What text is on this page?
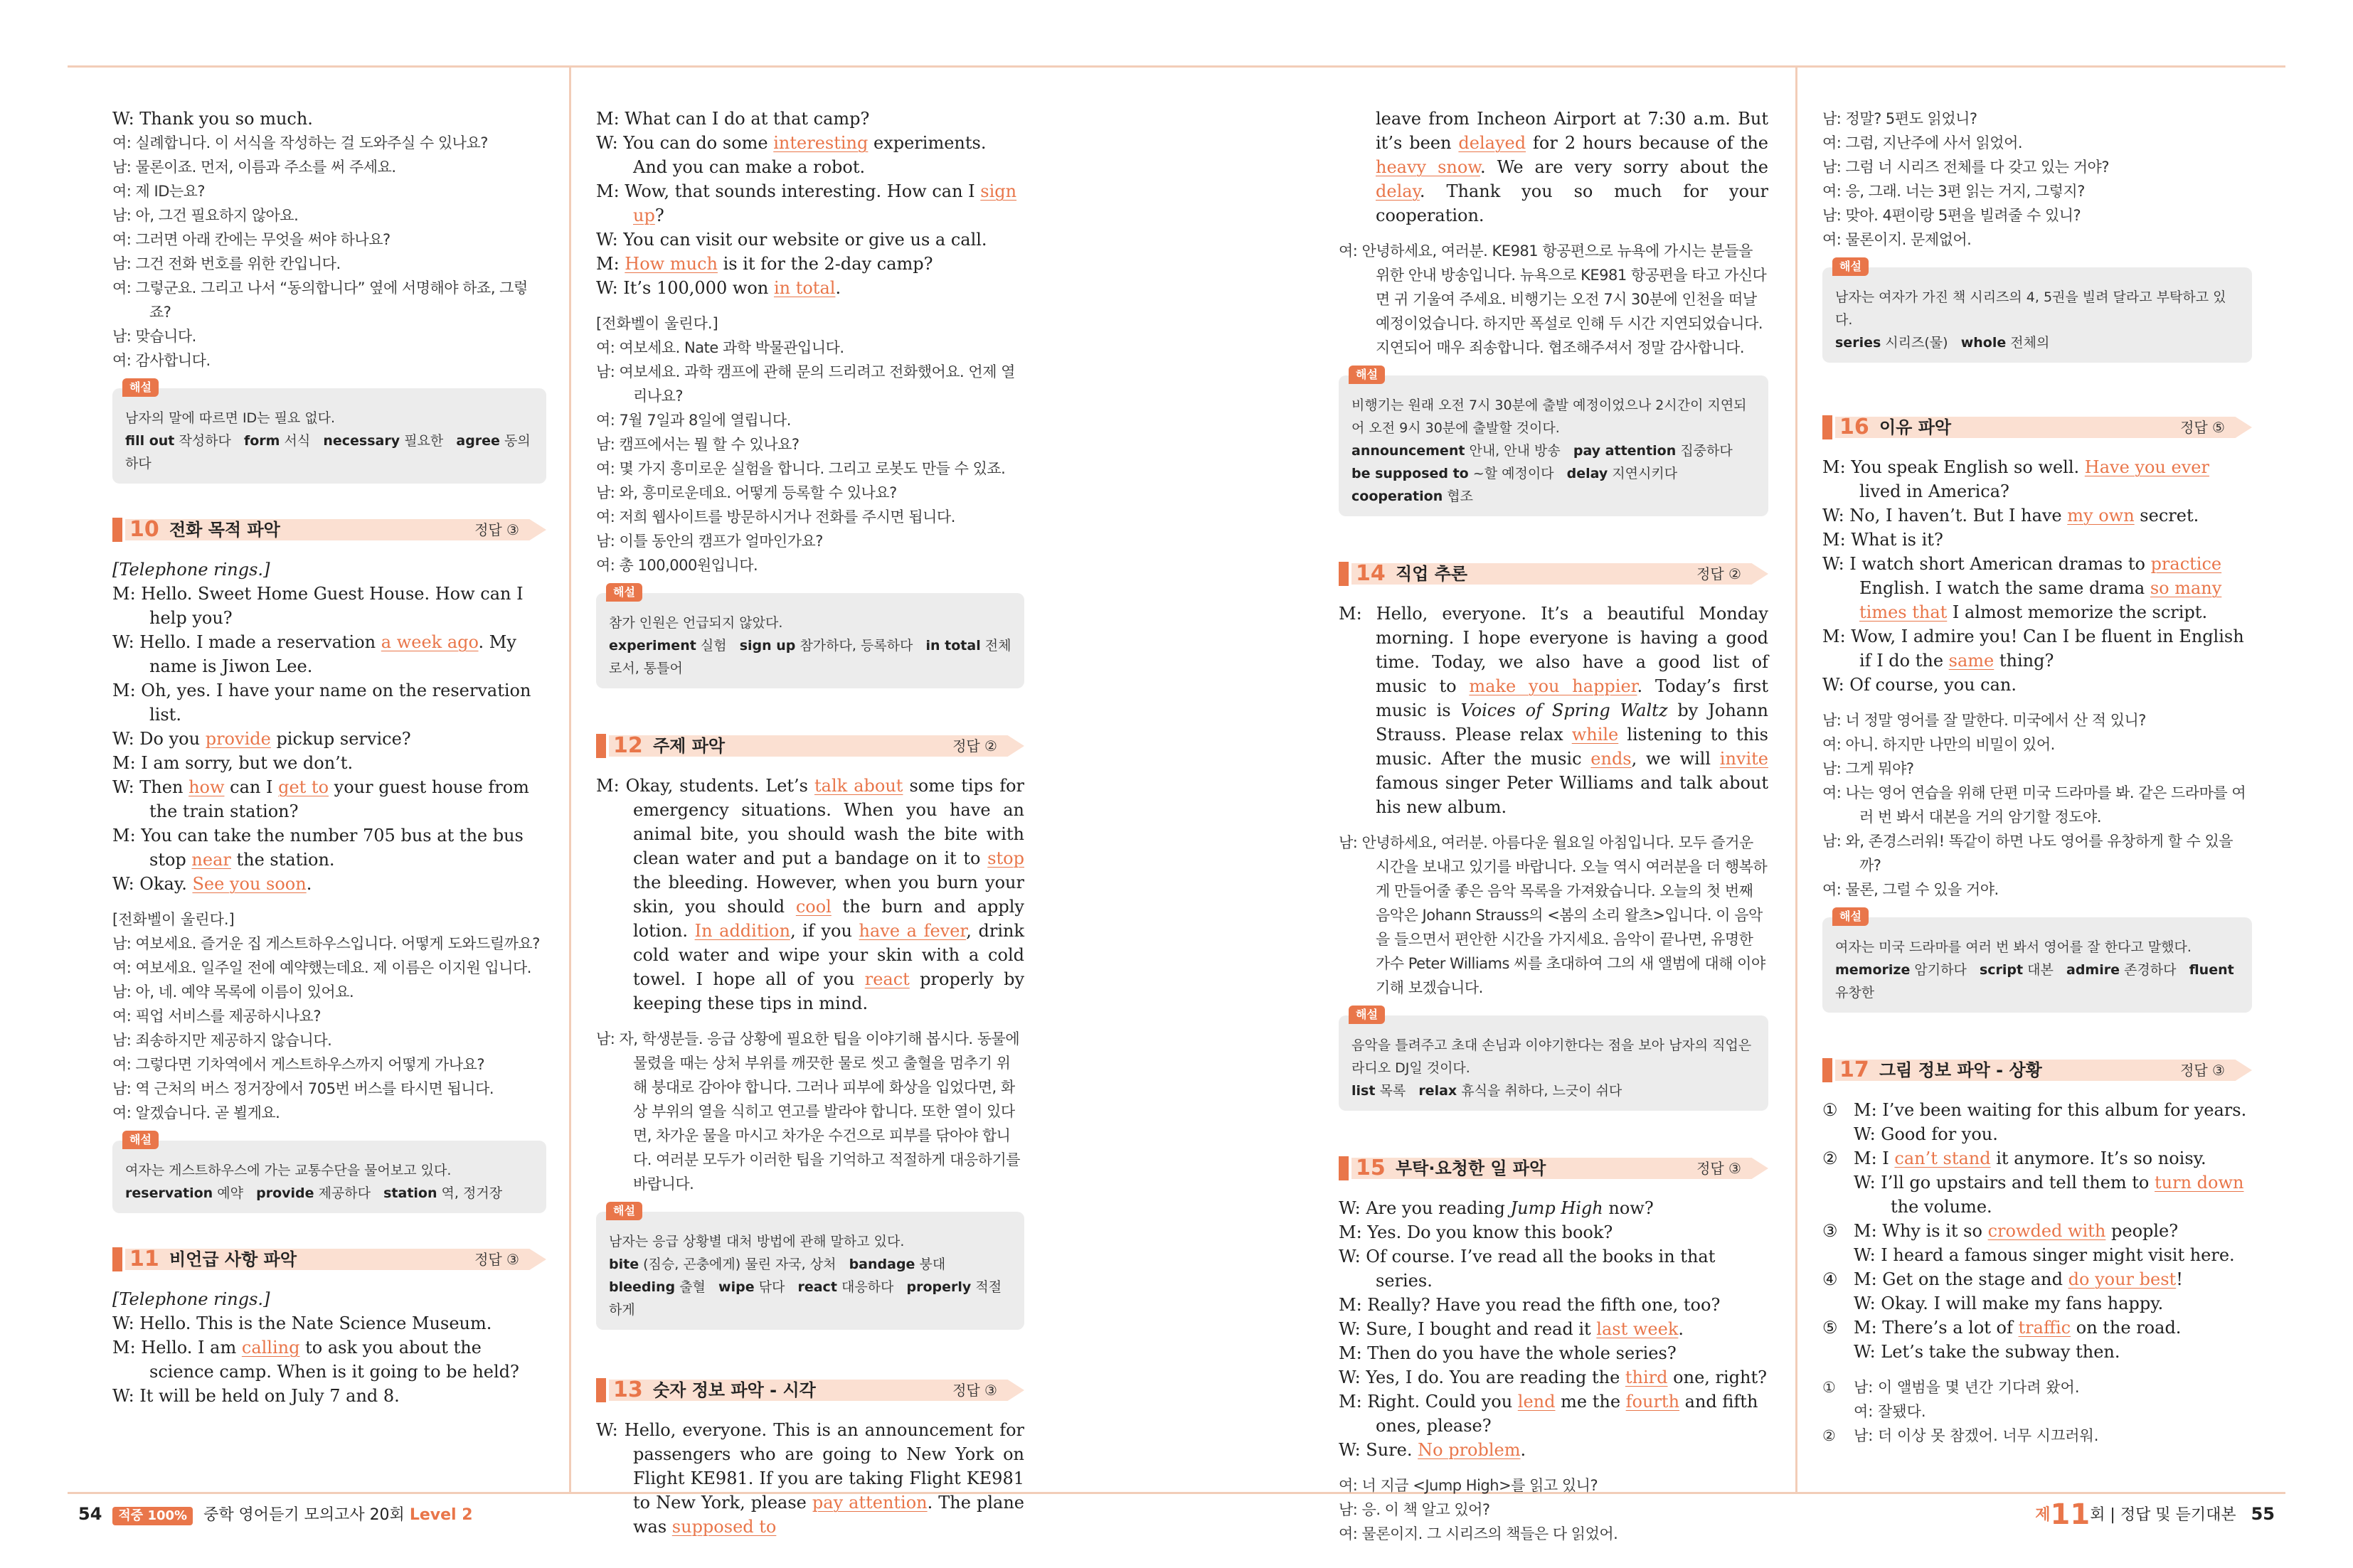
W: Thank you so much.
여: 실례합니다. 이 서식을 작성하는 걸 도와주실 수 있나요?
남: 물론이죠. 먼저, 이름과 주소를 써 주세요.
여: 제 ID는요?
남: 아, 그건 필요하지 않아요.
여: 그러면 아래 칸에는 무엇을 써야 하나요?
남: 그건 전화 번호를 위한 칸입니다.
여: 그렇군요. 그리고 나서 “동의합니다” 옆에 서명해야 하죠, 그렇죠?
남: 맞습니다.
여: 감사합니다.
해설
남자의 말에 따르면 ID는 필요 없다.
fill out 작성하다 form 서식 necessary 필요한 agree 동의하다
10 전화 목적 파악	정답 ③
[Telephone rings.]
M: Hello. Sweet Home Guest House. How can I help you?
W: Hello. I made a reservation a week ago. My name is Jiwon Lee.
M: Oh, yes. I have your name on the reservation list.
W: Do you provide pickup service?
M: I am sorry, but we don’t.
W: Then how can I get to your guest house from the train station?
M: You can take the number 705 bus at the bus stop near the station.
W: Okay. See you soon.
[전화벨이 울린다.]
남: 여보세요. 즐거운 집 게스트하우스입니다. 어떻게 도와드릴까요?
여: 여보세요. 일주일 전에 예약했는데요. 제 이름은 이지원 입니다.
남: 아, 네. 예약 목록에 이름이 있어요.
여: 픽업 서비스를 제공하시나요?
남: 죄송하지만 제공하지 않습니다.
여: 그렇다면 기차역에서 게스트하우스까지 어떻게 가나요?
남: 역 근처의 버스 정거장에서 705번 버스를 타시면 됩니다.
여: 알겠습니다. 곧 뵐게요.
해설
여자는 게스트하우스에 가는 교통수단을 물어보고 있다.
reservation 예약 provide 제공하다 station 역, 정거장
11 비언급 사항 파악	정답 ③
[Telephone rings.]
W: Hello. This is the Nate Science Museum.
M: Hello. I am calling to ask you about the science camp. When is it going to be held?
W: It will be held on July 7 and 8.
M: What can I do at that camp?
W: You can do some interesting experiments. And you can make a robot.
M: Wow, that sounds interesting. How can I sign up?
W: You can visit our website or give us a call.
M: How much is it for the 2-day camp?
W: It’s 100,000 won in total.
[전화벨이 울린다.]
여: 여보세요. Nate 과학 박물관입니다.
남: 여보세요. 과학 캠프에 관해 문의 드리려고 전화했어요. 언제 열리나요?
여: 7월 7일과 8일에 열립니다.
남: 캠프에서는 뭘 할 수 있나요?
여: 몇 가지 흥미로운 실험을 합니다. 그리고 로봇도 만들 수 있죠.
남: 와, 흥미로운데요. 어떻게 등록할 수 있나요?
여: 저희 웹사이트를 방문하시거나 전화를 주시면 됩니다.
남: 이틀 동안의 캠프가 얼마인가요?
여: 총 100,000원입니다.
해설
참가 인원은 언급되지 않았다.
experiment 실험 sign up 참가하다, 등록하다 in total 전체로서, 통틀어
12 주제 파악	정답 ②
M: Okay, students. Let’s talk about some tips for emergency situations. When you have an animal bite, you should wash the bite with clean water and put a bandage on it to stop the bleeding. However, when you burn your skin, you should cool the burn and apply lotion. In addition, if you have a fever, drink cold water and wipe your skin with a cold towel. I hope all of you react properly by keeping these tips in mind.
남: 자, 학생분들. 응급 상황에 필요한 팁을 이야기해 봅시다. 동물에 물렸을 때는 상처 부위를 깨끗한 물로 씻고 출혈을 멈추기 위해 붕대로 감아야 합니다. 그러나 피부에 화상을 입었다면, 화상 부위의 열을 식히고 연고를 발라야 합니다. 또한 열이 있다면, 차가운 물을 마시고 차가운 수건으로 피부를 닦아야 합니다. 여러분 모두가 이러한 팁을 기억하고 적절하게 대응하기를 바랍니다.
해설
남자는 응급 상황별 대처 방법에 관해 말하고 있다.
bite (짐승, 곤충에게) 물린 자국, 상처 bandage 붕대   bleeding 출혈 wipe 닦다 react 대응하다 properly 적절하게
13 숫자 정보 파악 - 시각	정답 ③
W: Hello, everyone. This is an announcement for passengers who are going to New York on Flight KE981. If you are taking Flight KE981 to New York, please pay attention. The plane was supposed to
leave from Incheon Airport at 7:30 a.m. But it’s been delayed for 2 hours because of the heavy snow. We are very sorry about the delay. Thank you so much for your cooperation.
여: 안녕하세요, 여러분. KE981 항공편으로 뉴욕에 가시는 분들을 위한 안내 방송입니다. 뉴욕으로 KE981 항공편을 타고 가신다면 귀 기울여 주세요. 비행기는 오전 7시 30분에 인천을 떠날 예정이었습니다. 하지만 폭설로 인해 두 시간 지연되었습니다. 지연되어 매우 죄송합니다. 협조해주셔서 정말 감사합니다.
해설
비행기는 원래 오전 7시 30분에 출발 예정이었으나 2시간이 지연되어 오전 9시 30분에 출발할 것이다.
announcement 안내, 안내 방송 pay attention 집중하다   be supposed to ~할 예정이다 delay 지연시키다   cooperation 협조
14 직업 추론	정답 ②
M: Hello, everyone. It’s a beautiful Monday morning. I hope everyone is having a good time. Today, we also have a good list of music to make you happier. Today’s first music is Voices of Spring Waltz by Johann Strauss. Please relax while listening to this music. After the music ends, we will invite famous singer Peter Williams and talk about his new album.
남: 안녕하세요, 여러분. 아름다운 월요일 아침입니다. 모두 즐거운 시간을 보내고 있기를 바랍니다. 오늘 역시 여러분을 더 행복하게 만들어줄 좋은 음악 목록을 가져왔습니다. 오늘의 첫 번째 음악은 Johann Strauss의 <봄의 소리 왈츠>입니다. 이 음악을 들으면서 편안한 시간을 가지세요. 음악이 끝나면, 유명한 가수 Peter Williams 씨를 초대하여 그의 새 앨범에 대해 이야기해 보겠습니다.
해설
음악을 틀려주고 초대 손님과 이야기한다는 점을 보아 남자의 직업은 라디오 DJ일 것이다.
list 목록 relax 휴식을 취하다, 느긋이 쉬다
15 부탁·요청한 일 파악	정답 ③
W: Are you reading Jump High now?
M: Yes. Do you know this book?
W: Of course. I’ve read all the books in that series.
M: Really? Have you read the fifth one, too?
W: Sure, I bought and read it last week.
M: Then do you have the whole series?
W: Yes, I do. You are reading the third one, right?
M: Right. Could you lend me the fourth and fifth ones, please?
W: Sure. No problem.
여: 너 지금 <Jump High>를 읽고 있니?
남: 응. 이 책 알고 있어?
여: 물론이지. 그 시리즈의 책들은 다 읽었어.
남: 정말? 5편도 읽었니?
여: 그럼, 지난주에 사서 읽었어.
남: 그럼 너 시리즈 전체를 다 갖고 있는 거야?
여: 응, 그래. 너는 3편 읽는 거지, 그렇지?
남: 맞아. 4편이랑 5편을 빌려줄 수 있니?
여: 물론이지. 문제없어.
해설
남자는 여자가 가진 책 시리즈의 4, 5권을 빌려 달라고 부탁하고 있다.
series 시리즈(물) whole 전체의
16 이유 파악	정답 ⑤
M: You speak English so well. Have you ever lived in America?
W: No, I haven’t. But I have my own secret.
M: What is it?
W: I watch short American dramas to practice English. I watch the same drama so many times that I almost memorize the script.
M: Wow, I admire you! Can I be fluent in English if I do the same thing?
W: Of course, you can.
남: 너 정말 영어를 잘 말한다. 미국에서 산 적 있니?
여: 아니. 하지만 나만의 비밀이 있어.
남: 그게 뭐야?
여: 나는 영어 연습을 위해 단편 미국 드라마를 봐. 같은 드라마를 여러 번 봐서 대본을 거의 암기할 정도야.
남: 와, 존경스러워! 똑같이 하면 나도 영어를 유창하게 할 수 있을까?
여: 물론, 그럴 수 있을 거야.
해설
여자는 미국 드라마를 여러 번 봐서 영어를 잘 한다고 말했다.
memorize 암기하다 script 대본 admire 존경하다 fluent 유창한
17 그림 정보 파악 - 상황	정답 ③
① M: I’ve been waiting for this album for years.
W: Good for you.
② M: I can’t stand it anymore. It’s so noisy.
W: I’ll go upstairs and tell them to turn down the volume.
③ M: Why is it so crowded with people?
W: I heard a famous singer might visit here.
④ M: Get on the stage and do your best!
W: Okay. I will make my fans happy.
⑤ M: There’s a lot of traffic on the road.
W: Let’s take the subway then.
① 남: 이 앨범을 몇 년간 기다려 왔어.
여: 잘됐다.
② 남: 더 이상 못 참겠어. 너무 시끄러워.
54 적중 100% 중학 영어듣기 모의고사 20회 Level 2	제11회 | 정답 및 듣기대본 55
